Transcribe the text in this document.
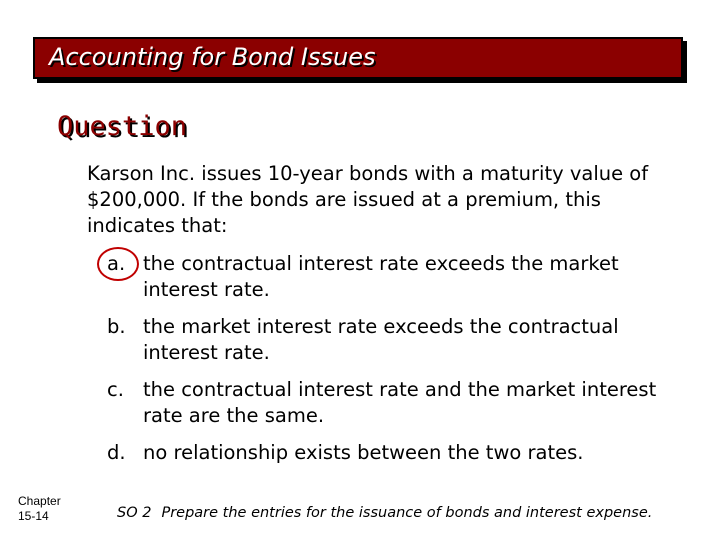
Accounting for Bond Issues
Question
Karson Inc. issues 10-year bonds with a maturity value of $200,000. If the bonds are issued at a premium, this indicates that:
a. the contractual interest rate exceeds the market interest rate.
b. the market interest rate exceeds the contractual interest rate.
c. the contractual interest rate and the market interest rate are the same.
d. no relationship exists between the two rates.
Chapter
15-14	SO 2 Prepare the entries for the issuance of bonds and interest expense.
